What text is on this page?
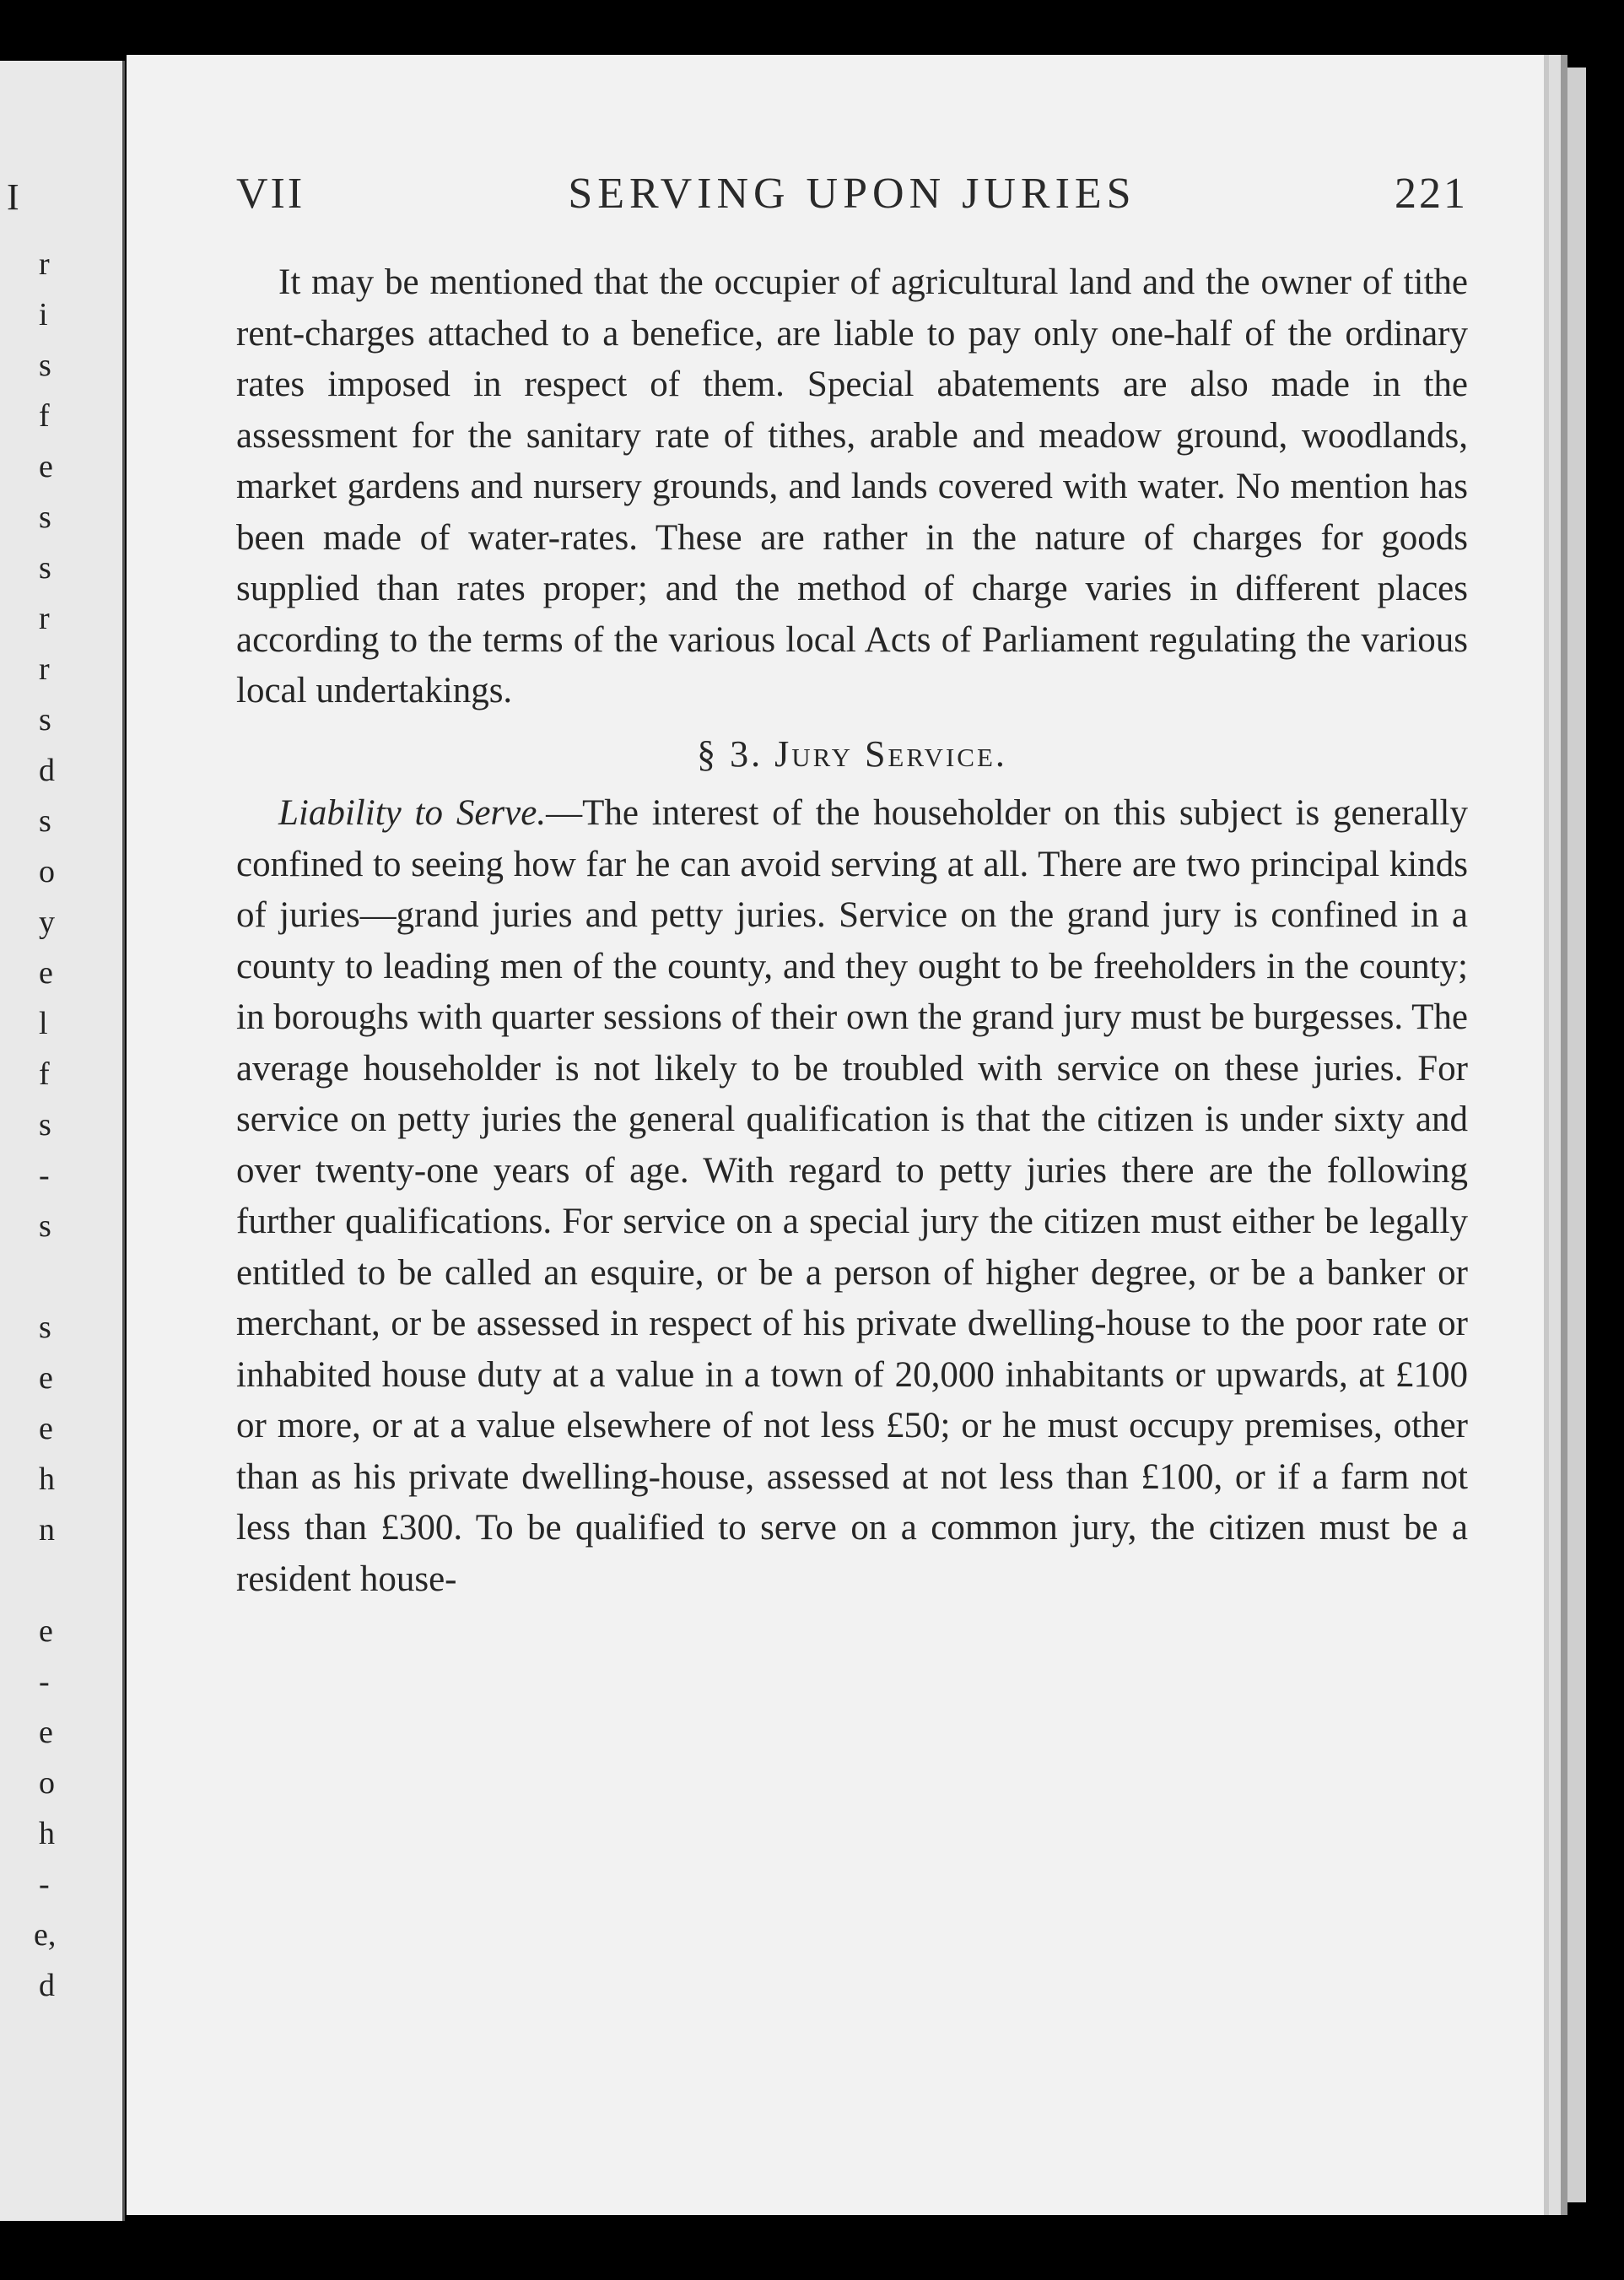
I
r
i
s
f
e
s
s
r
r
s
d
s
o
y
e
l
f
s
-
s
s
e
e
h
n
e
-
e
o
h
-
e,
d
VII	SERVING UPON JURIES	221

It may be mentioned that the occupier of agricultural land and the owner of tithe rent-charges attached to a benefice, are liable to pay only one-half of the ordinary rates imposed in respect of them. Special abatements are also made in the assessment for the sanitary rate of tithes, arable and meadow ground, woodlands, market gardens and nursery grounds, and lands covered with water. No mention has been made of water-rates. These are rather in the nature of charges for goods supplied than rates proper; and the method of charge varies in different places according to the terms of the various local Acts of Parliament regulating the various local undertakings.

§ 3. Jury Service.

Liability to Serve.—The interest of the householder on this subject is generally confined to seeing how far he can avoid serving at all. There are two principal kinds of juries—grand juries and petty juries. Service on the grand jury is confined in a county to leading men of the county, and they ought to be freeholders in the county; in boroughs with quarter sessions of their own the grand jury must be burgesses. The average householder is not likely to be troubled with service on these juries. For service on petty juries the general qualification is that the citizen is under sixty and over twenty-one years of age. With regard to petty juries there are the following further qualifications. For service on a special jury the citizen must either be legally entitled to be called an esquire, or be a person of higher degree, or be a banker or merchant, or be assessed in respect of his private dwelling-house to the poor rate or inhabited house duty at a value in a town of 20,000 inhabitants or upwards, at £100 or more, or at a value elsewhere of not less £50; or he must occupy premises, other than as his private dwelling-house, assessed at not less than £100, or if a farm not less than £300. To be qualified to serve on a common jury, the citizen must be a resident house-
